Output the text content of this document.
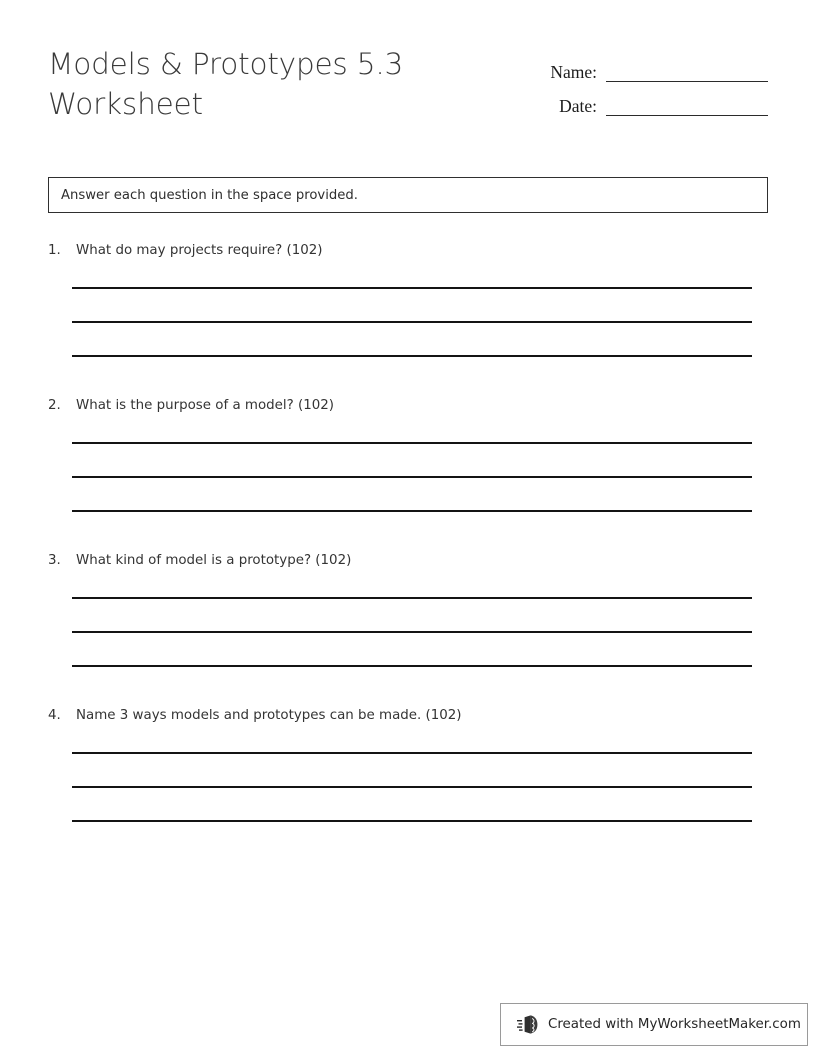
Models & Prototypes 5.3
Worksheet
Name:
Date:
Answer each question in the space provided.
1.	What do may projects require? (102)
2.	What is the purpose of a model? (102)
3.	What kind of model is a prototype? (102)
4.	Name 3 ways models and prototypes can be made. (102)
Created with MyWorksheetMaker.com
